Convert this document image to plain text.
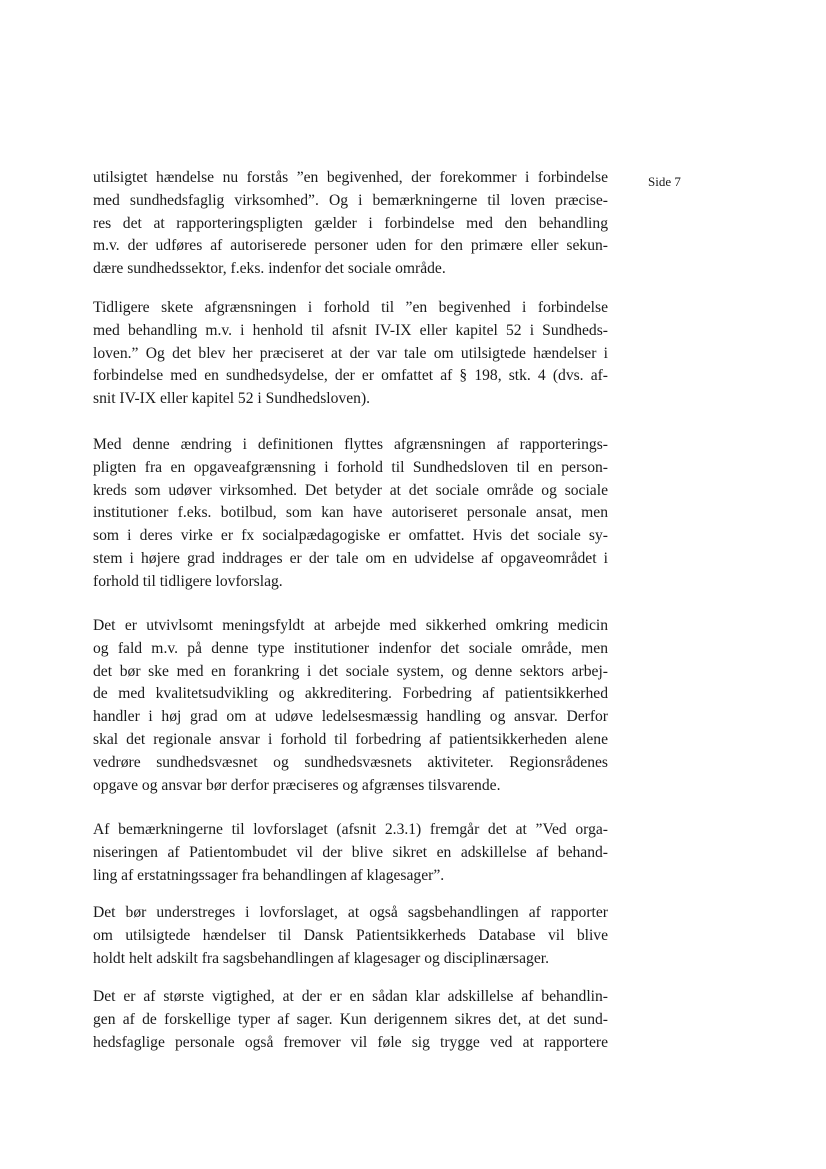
Side 7

utilsigtet hændelse nu forstås ”en begivenhed, der forekommer i forbindelse
med sundhedsfaglig virksomhed”. Og i bemærkningerne til loven præcise-
res det at rapporteringspligten gælder i forbindelse med den behandling
m.v. der udføres af autoriserede personer uden for den primære eller sekun-
dære sundhedssektor, f.eks. indenfor det sociale område.

Tidligere skete afgrænsningen i forhold til ”en begivenhed i forbindelse
med behandling m.v. i henhold til afsnit IV-IX eller kapitel 52 i Sundheds-
loven.” Og det blev her præciseret at der var tale om utilsigtede hændelser i
forbindelse med en sundhedsydelse, der er omfattet af § 198, stk. 4 (dvs. af-
snit IV-IX eller kapitel 52 i Sundhedsloven).

Med denne ændring i definitionen flyttes afgrænsningen af rapporterings-
pligten fra en opgaveafgrænsning i forhold til Sundhedsloven til en person-
kreds som udøver virksomhed. Det betyder at det sociale område og sociale
institutioner f.eks. botilbud, som kan have autoriseret personale ansat, men
som i deres virke er fx socialpædagogiske er omfattet. Hvis det sociale sy-
stem i højere grad inddrages er der tale om en udvidelse af opgaveområdet i
forhold til tidligere lovforslag.

Det er utvivlsomt meningsfyldt at arbejde med sikkerhed omkring medicin
og fald m.v. på denne type institutioner indenfor det sociale område, men
det bør ske med en forankring i det sociale system, og denne sektors arbej-
de med kvalitetsudvikling og akkreditering. Forbedring af patientsikkerhed
handler i høj grad om at udøve ledelsesmæssig handling og ansvar. Derfor
skal det regionale ansvar i forhold til forbedring af patientsikkerheden alene
vedrøre sundhedsvæsnet og sundhedsvæsnets aktiviteter. Regionsrådenes
opgave og ansvar bør derfor præciseres og afgrænses tilsvarende.

Af bemærkningerne til lovforslaget (afsnit 2.3.1) fremgår det at ”Ved orga-
niseringen af Patientombudet vil der blive sikret en adskillelse af behand-
ling af erstatningssager fra behandlingen af klagesager”.

Det bør understreges i lovforslaget, at også sagsbehandlingen af rapporter
om utilsigtede hændelser til Dansk Patientsikkerheds Database vil blive
holdt helt adskilt fra sagsbehandlingen af klagesager og disciplinærsager.

Det er af største vigtighed, at der er en sådan klar adskillelse af behandlin-
gen af de forskellige typer af sager. Kun derigennem sikres det, at det sund-
hedsfaglige personale også fremover vil føle sig trygge ved at rapportere
